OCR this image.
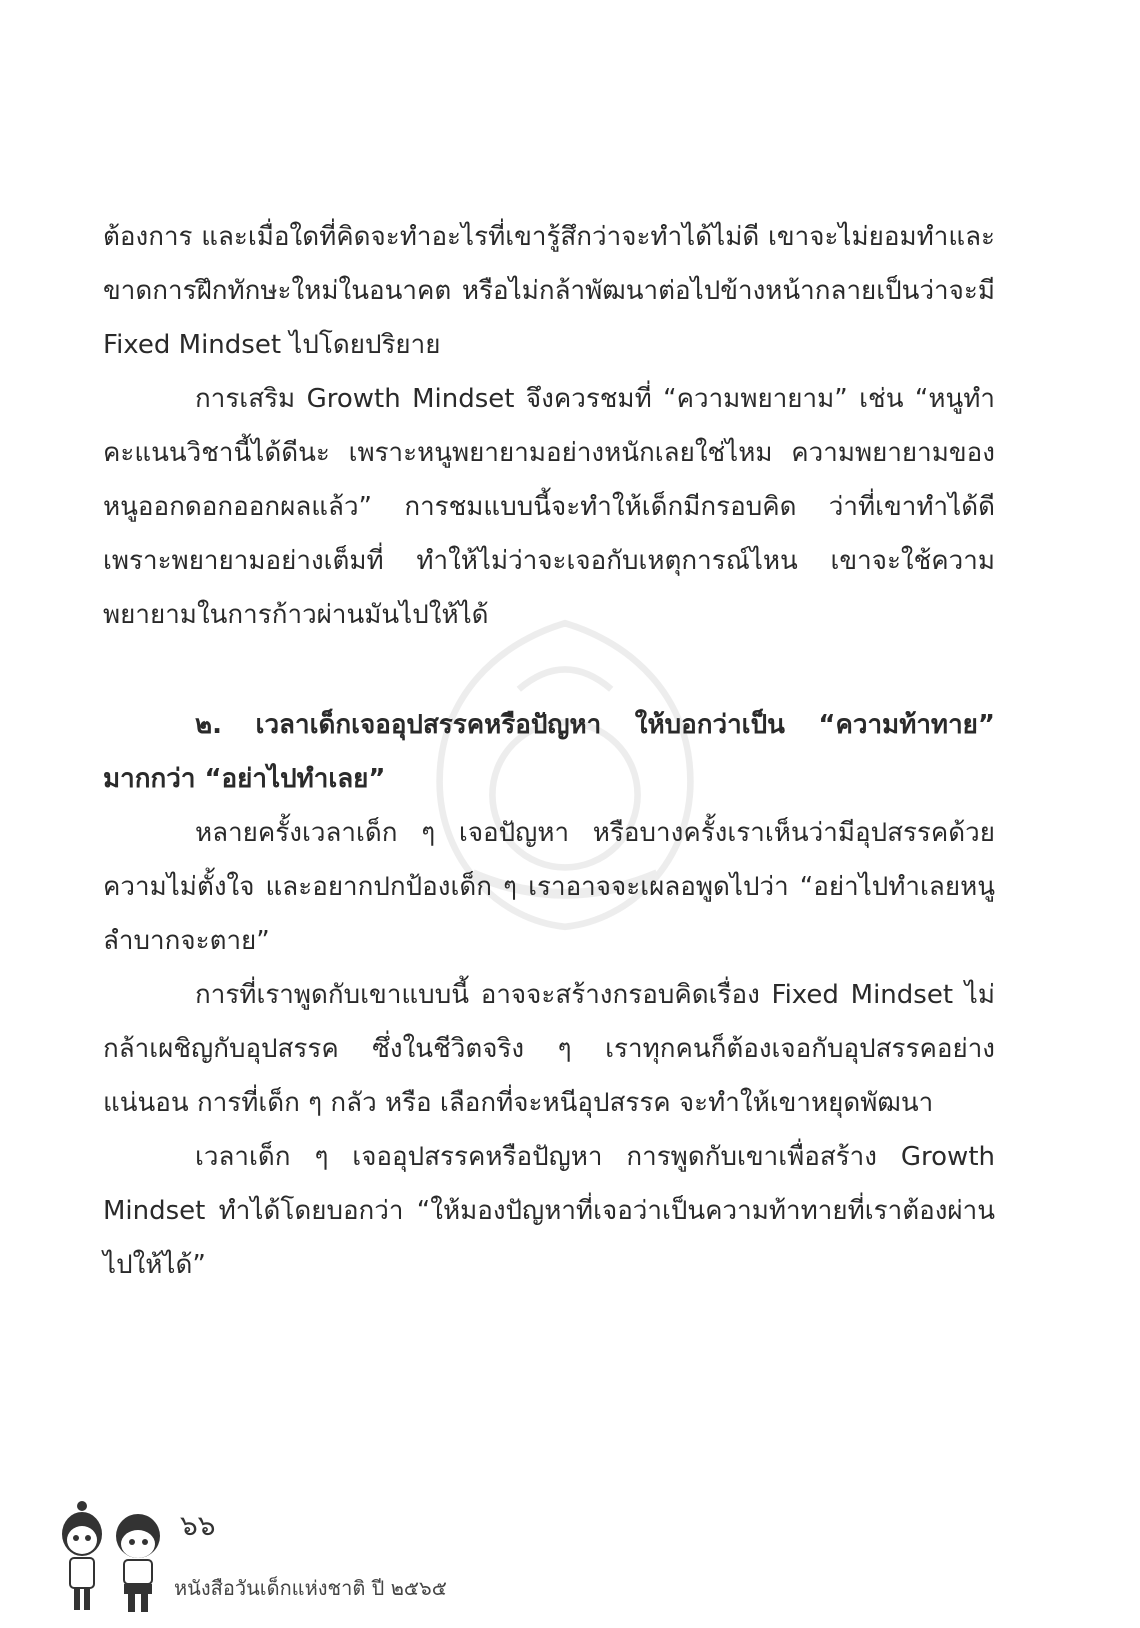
ต้องการ และเมื่อใดที่คิดจะทำอะไรที่เขารู้สึกว่าจะทำได้ไม่ดี เขาจะไม่ยอมทำและขาดการฝึกทักษะใหม่ในอนาคต หรือไม่กล้าพัฒนาต่อไปข้างหน้ากลายเป็นว่าจะมี Fixed Mindset ไปโดยปริยาย

การเสริม Growth Mindset จึงควรชมที่ “ความพยายาม” เช่น “หนูทำคะแนนวิชานี้ได้ดีนะ เพราะหนูพยายามอย่างหนักเลยใช่ไหม ความพยายามของหนูออกดอกออกผลแล้ว” การชมแบบนี้จะทำให้เด็กมีกรอบคิด ว่าที่เขาทำได้ดีเพราะพยายามอย่างเต็มที่ ทำให้ไม่ว่าจะเจอกับเหตุการณ์ไหน เขาจะใช้ความพยายามในการก้าวผ่านมันไปให้ได้

๒. เวลาเด็กเจออุปสรรคหรือปัญหา ให้บอกว่าเป็น “ความท้าทาย” มากกว่า “อย่าไปทำเลย”

หลายครั้งเวลาเด็ก ๆ เจอปัญหา หรือบางครั้งเราเห็นว่ามีอุปสรรคด้วยความไม่ตั้งใจ และอยากปกป้องเด็ก ๆ เราอาจจะเผลอพูดไปว่า “อย่าไปทำเลยหนู ลำบากจะตาย”

การที่เราพูดกับเขาแบบนี้ อาจจะสร้างกรอบคิดเรื่อง Fixed Mindset ไม่กล้าเผชิญกับอุปสรรค ซึ่งในชีวิตจริง ๆ เราทุกคนก็ต้องเจอกับอุปสรรคอย่างแน่นอน การที่เด็ก ๆ กลัว หรือ เลือกที่จะหนีอุปสรรค จะทำให้เขาหยุดพัฒนา

เวลาเด็ก ๆ เจออุปสรรคหรือปัญหา การพูดกับเขาเพื่อสร้าง Growth Mindset ทำได้โดยบอกว่า “ให้มองปัญหาที่เจอว่าเป็นความท้าทายที่เราต้องผ่านไปให้ได้”

๖๖
หนังสือวันเด็กแห่งชาติ ปี ๒๕๖๕
